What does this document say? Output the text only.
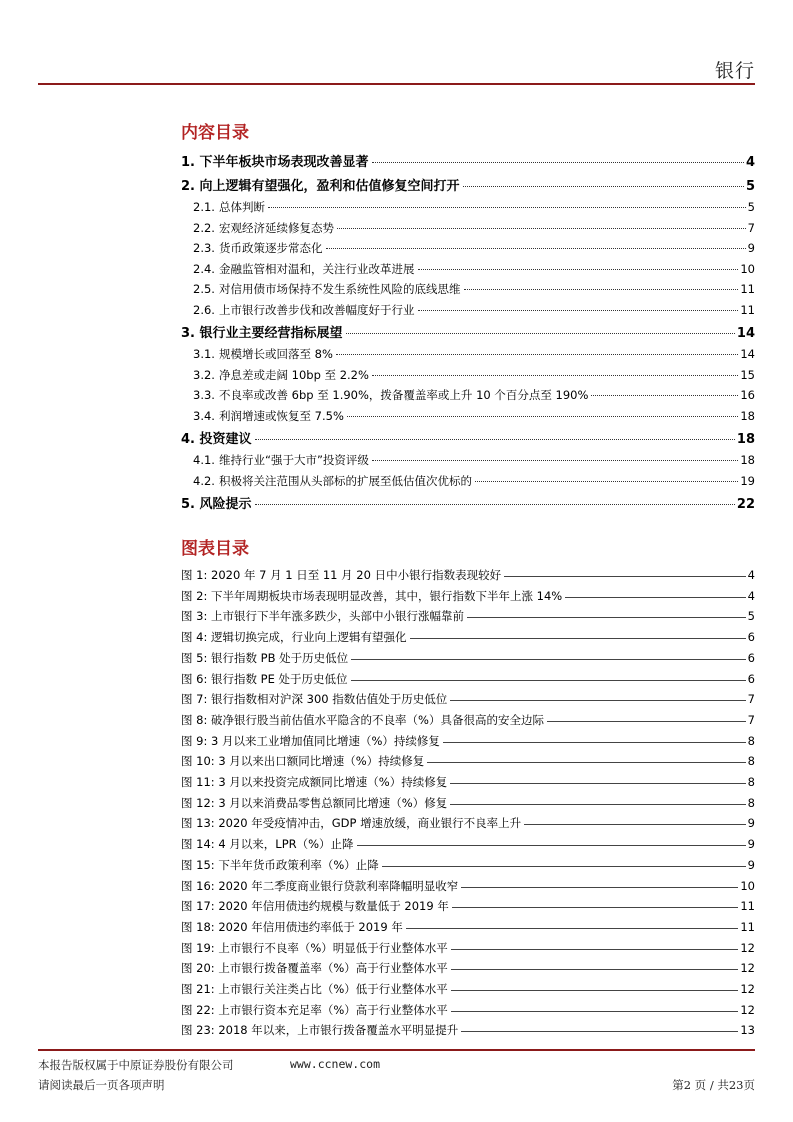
银行
内容目录
1. 下半年板块市场表现改善显著	4
2. 向上逻辑有望强化，盈利和估值修复空间打开	5
2.1. 总体判断	5
2.2. 宏观经济延续修复态势	7
2.3. 货币政策逐步常态化	9
2.4. 金融监管相对温和，关注行业改革进展	10
2.5. 对信用债市场保持不发生系统性风险的底线思维	11
2.6. 上市银行改善步伐和改善幅度好于行业	11
3. 银行业主要经营指标展望	14
3.1. 规模增长或回落至 8%	14
3.2. 净息差或走阔 10bp 至 2.2%	15
3.3. 不良率或改善 6bp 至 1.90%，拨备覆盖率或上升 10 个百分点至 190%	16
3.4. 利润增速或恢复至 7.5%	18
4. 投资建议	18
4.1. 维持行业“强于大市”投资评级	18
4.2. 积极将关注范围从头部标的扩展至低估值次优标的	19
5. 风险提示	22
图表目录
图 1: 2020 年 7 月 1 日至 11 月 20 日中小银行指数表现较好	4
图 2: 下半年周期板块市场表现明显改善，其中，银行指数下半年上涨 14%	4
图 3: 上市银行下半年涨多跌少，头部中小银行涨幅靠前	5
图 4: 逻辑切换完成，行业向上逻辑有望强化	6
图 5: 银行指数 PB 处于历史低位	6
图 6: 银行指数 PE 处于历史低位	6
图 7: 银行指数相对沪深 300 指数估值处于历史低位	7
图 8: 破净银行股当前估值水平隐含的不良率（%）具备很高的安全边际	7
图 9: 3 月以来工业增加值同比增速（%）持续修复	8
图 10: 3 月以来出口额同比增速（%）持续修复	8
图 11: 3 月以来投资完成额同比增速（%）持续修复	8
图 12: 3 月以来消费品零售总额同比增速（%）修复	8
图 13: 2020 年受疫情冲击，GDP 增速放缓，商业银行不良率上升	9
图 14: 4 月以来，LPR（%）止降	9
图 15: 下半年货币政策利率（%）止降	9
图 16: 2020 年二季度商业银行贷款利率降幅明显收窄	10
图 17: 2020 年信用债违约规模与数量低于 2019 年	11
图 18: 2020 年信用债违约率低于 2019 年	11
图 19: 上市银行不良率（%）明显低于行业整体水平	12
图 20: 上市银行拨备覆盖率（%）高于行业整体水平	12
图 21: 上市银行关注类占比（%）低于行业整体水平	12
图 22: 上市银行资本充足率（%）高于行业整体水平	12
图 23: 2018 年以来，上市银行拨备覆盖水平明显提升	13
本报告版权属于中原证券股份有限公司	www.ccnew.com
请阅读最后一页各项声明	第2 页 / 共23页
